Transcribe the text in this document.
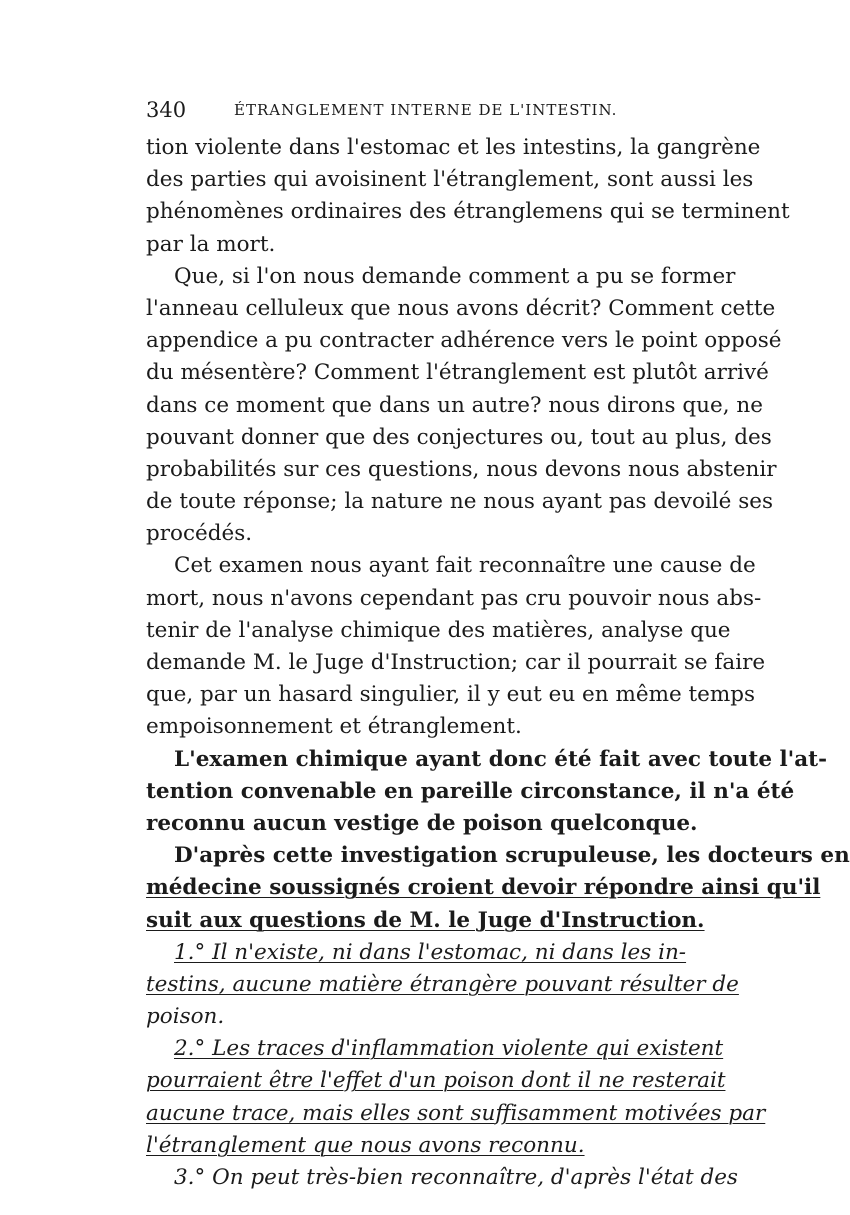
340	ÉTRANGLEMENT INTERNE DE L'INTESTIN.
tion violente dans l'estomac et les intestins, la gangrène
des parties qui avoisinent l'étranglement, sont aussi les
phénomènes ordinaires des étranglemens qui se terminent
par la mort.
Que, si l'on nous demande comment a pu se former
l'anneau celluleux que nous avons décrit? Comment cette
appendice a pu contracter adhérence vers le point opposé
du mésentère? Comment l'étranglement est plutôt arrivé
dans ce moment que dans un autre? nous dirons que, ne
pouvant donner que des conjectures ou, tout au plus, des
probabilités sur ces questions, nous devons nous abstenir
de toute réponse; la nature ne nous ayant pas devoilé ses
procédés.
Cet examen nous ayant fait reconnaître une cause de
mort, nous n'avons cependant pas cru pouvoir nous abs-
tenir de l'analyse chimique des matières, analyse que
demande M. le Juge d'Instruction; car il pourrait se faire
que, par un hasard singulier, il y eut eu en même temps
empoisonnement et étranglement.
L'examen chimique ayant donc été fait avec toute l'at-
tention convenable en pareille circonstance, il n'a été
reconnu aucun vestige de poison quelconque.
D'après cette investigation scrupuleuse, les docteurs en
médecine soussignés croient devoir répondre ainsi qu'il
suit aux questions de M. le Juge d'Instruction.
1.° Il n'existe, ni dans l'estomac, ni dans les in-
testins, aucune matière étrangère pouvant résulter de
poison.
2.° Les traces d'inflammation violente qui existent
pourraient être l'effet d'un poison dont il ne resterait
aucune trace, mais elles sont suffisamment motivées par
l'étranglement que nous avons reconnu.
3.° On peut très-bien reconnaître, d'après l'état des
